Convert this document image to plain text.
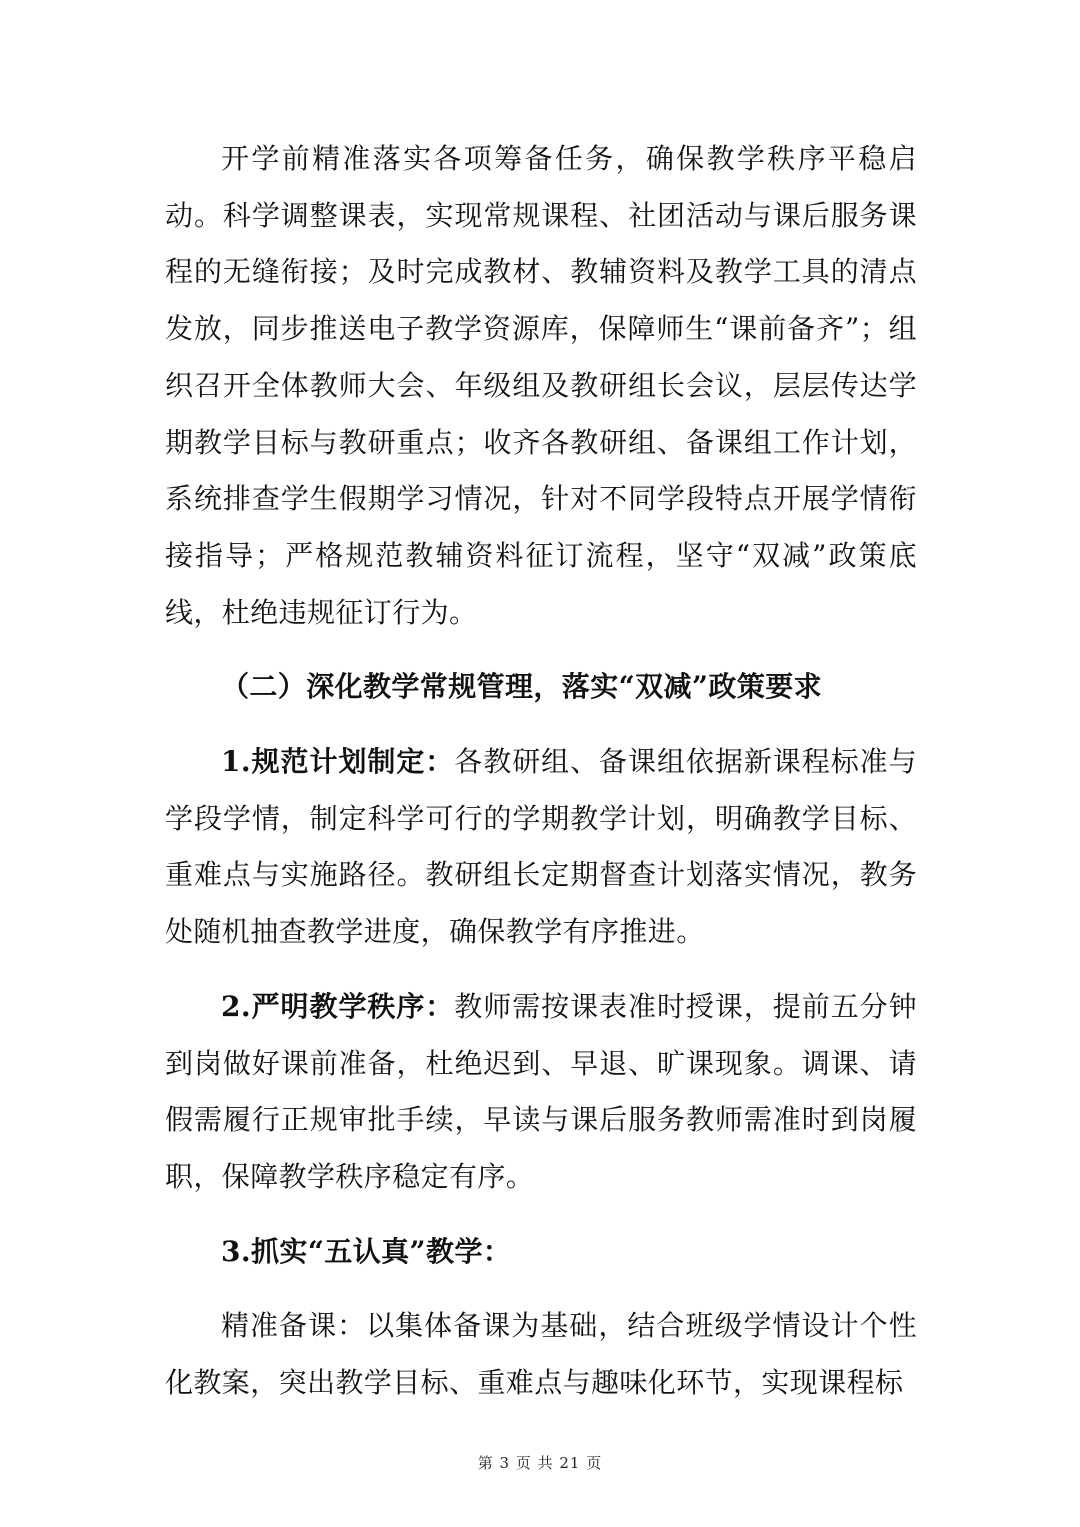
开学前精准落实各项筹备任务，确保教学秩序平稳启动。科学调整课表，实现常规课程、社团活动与课后服务课程的无缝衔接；及时完成教材、教辅资料及教学工具的清点发放，同步推送电子教学资源库，保障师生“课前备齐”；组织召开全体教师大会、年级组及教研组长会议，层层传达学期教学目标与教研重点；收齐各教研组、备课组工作计划，系统排查学生假期学习情况，针对不同学段特点开展学情衔接指导；严格规范教辅资料征订流程，坚守“双减”政策底线，杜绝违规征订行为。

（二）深化教学常规管理，落实“双减”政策要求

1.规范计划制定：各教研组、备课组依据新课程标准与学段学情，制定科学可行的学期教学计划，明确教学目标、重难点与实施路径。教研组长定期督查计划落实情况，教务处随机抽查教学进度，确保教学有序推进。

2.严明教学秩序：教师需按课表准时授课，提前五分钟到岗做好课前准备，杜绝迟到、早退、旷课现象。调课、请假需履行正规审批手续，早读与课后服务教师需准时到岗履职，保障教学秩序稳定有序。

3.抓实“五认真”教学：

精准备课：以集体备课为基础，结合班级学情设计个性化教案，突出教学目标、重难点与趣味化环节，实现课程标

第 3 页 共 21 页
